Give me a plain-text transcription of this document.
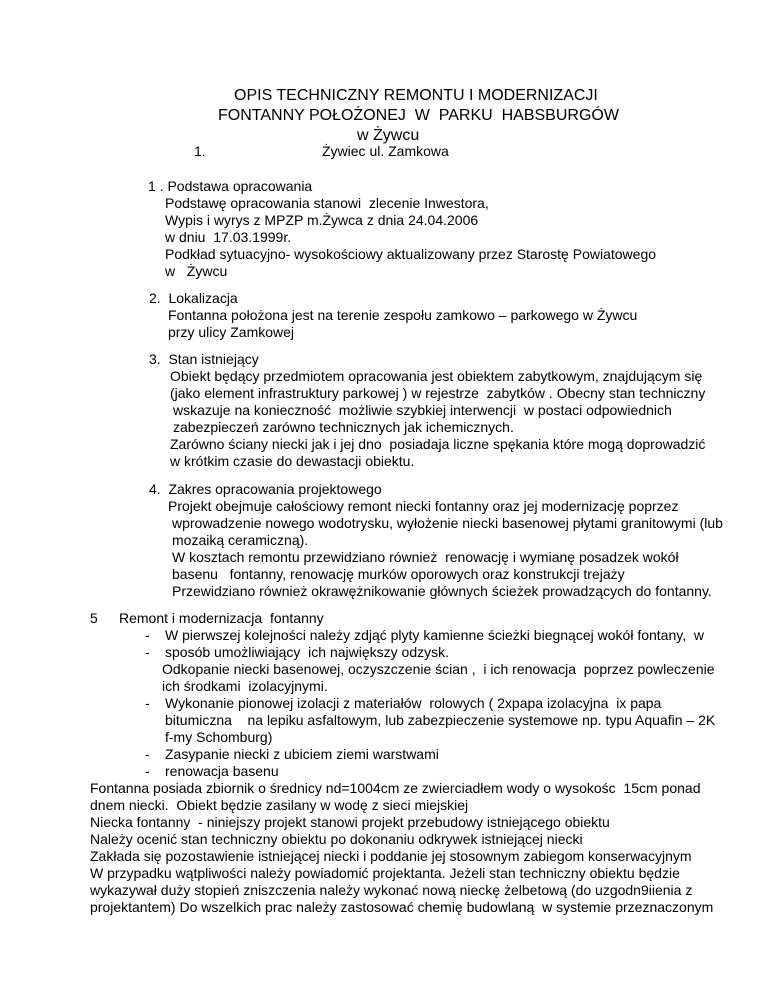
OPIS TECHNICZNY REMONTU I MODERNIZACJI
FONTANNY POŁOŻONEJ  W  PARKU  HABSBURGÓW
w Żywcu
1.	Żywiec ul. Zamkowa
1 . Podstawa opracowania
Podstawę opracowania stanowi  zlecenie Inwestora,
Wypis i wyrys z MPZP m.Żywca z dnia 24.04.2006
w dniu  17.03.1999r.
Podkład sytuacyjno- wysokościowy aktualizowany przez Starostę Powiatowego
w   Żywcu
2.  Lokalizacja
Fontanna położona jest na terenie zespołu zamkowo – parkowego w Żywcu
przy ulicy Zamkowej
3.  Stan istniejący
Obiekt będący przedmiotem opracowania jest obiektem zabytkowym, znajdującym się
(jako element infrastruktury parkowej ) w rejestrze  zabytków . Obecny stan techniczny
wskazuje na konieczność  możliwie szybkiej interwencji  w postaci odpowiednich
zabezpieczeń zarówno technicznych jak ichemicznych.
Zarówno ściany niecki jak i jej dno  posiadaja liczne spękania które mogą doprowadzić
w krótkim czasie do dewastacji obiektu.
4.  Zakres opracowania projektowego
Projekt obejmuje całościowy remont niecki fontanny oraz jej modernizację poprzez
wprowadzenie nowego wodotrysku, wyłożenie niecki basenowej płytami granitowymi (lub
mozaiką ceramiczną).
W kosztach remontu przewidziano również  renowację i wymianę posadzek wokół
basenu   fontanny, renowację murków oporowych oraz konstrukcji trejaży
Przewidziano również okrawężnikowanie głównych ścieżek prowadzących do fontanny.
5 Remont i modernizacja  fontanny
- W pierwszej kolejności należy zdjąć plyty kamienne ścieżki biegnącej wokół fontany,  w
- sposób umożliwiający  ich największy odzysk.
Odkopanie niecki basenowej, oczyszczenie ścian ,  i ich renowacja  poprzez powleczenie
ich środkami  izolacyjnymi.
- Wykonanie pionowej izolacji z materiałów  rolowych ( 2xpapa izolacyjna  ix papa
bitumiczna    na lepiku asfaltowym, lub zabezpieczenie systemowe np. typu Aquafin – 2K
f-my Schomburg)
- Zasypanie niecki z ubiciem ziemi warstwami
- renowacja basenu
Fontanna posiada zbiornik o średnicy nd=1004cm ze zwierciadłem wody o wysokośc  15cm ponad
dnem niecki.  Obiekt będzie zasilany w wodę z sieci miejskiej
Niecka fontanny  - niniejszy projekt stanowi projekt przebudowy istniejącego obiektu
Należy ocenić stan techniczny obiektu po dokonaniu odkrywek istniejącej niecki
Zakłada się pozostawienie istniejącej niecki i poddanie jej stosownym zabiegom konserwacyjnym
W przypadku wątpliwości należy powiadomić projektanta. Jeżeli stan techniczny obiektu będzie
wykazywał duży stopień zniszczenia należy wykonać nową nieckę żelbetową (do uzgodn9iienia z
projektantem) Do wszelkich prac należy zastosować chemię budowlaną  w systemie przeznaczonym
